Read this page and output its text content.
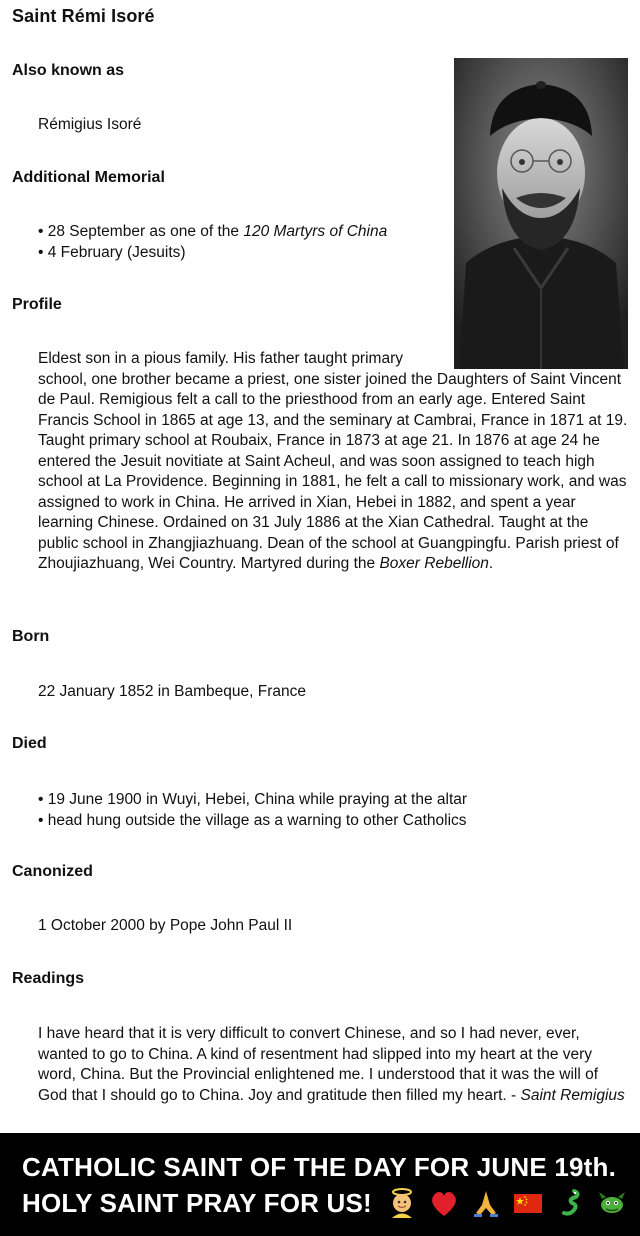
Saint Rémi Isoré
Also known as

Rémigius Isoré

Additional Memorial
• 28 September as one of the 120 Martyrs of China
• 4 February (Jesuits)
Profile

Eldest son in a pious family. His father taught primary school, one brother became a priest, one sister joined the Daughters of Saint Vincent de Paul. Remigious felt a call to the priesthood from an early age. Entered Saint Francis School in 1865 at age 13, and the seminary at Cambrai, France in 1871 at 19. Taught primary school at Roubaix, France in 1873 at age 21. In 1876 at age 24 he entered the Jesuit novitiate at Saint Acheul, and was soon assigned to teach high school at La Providence. Beginning in 1881, he felt a call to missionary work, and was assigned to work in China. He arrived in Xian, Hebei in 1882, and spent a year learning Chinese. Ordained on 31 July 1886 at the Xian Cathedral. Taught at the public school in Zhangjiazhuang. Dean of the school at Guangpingfu. Parish priest of Zhoujiazhuang, Wei Country. Martyred during the Boxer Rebellion.

Born

22 January 1852 in Bambeque, France

Died
• 19 June 1900 in Wuyi, Hebei, China while praying at the altar
• head hung outside the village as a warning to other Catholics
Canonized

1 October 2000 by Pope John Paul II

Readings

I have heard that it is very difficult to convert Chinese, and so I had never, ever, wanted to go to China. A kind of resentment had slipped into my heart at the very word, China. But the Provincial enlightened me. I understood that it was the will of God that I should go to China. Joy and gratitude then filled my heart. - Saint Remigius

CATHOLIC SAINT OF THE DAY FOR JUNE 19th.

HOLY SAINT PRAY FOR US!
